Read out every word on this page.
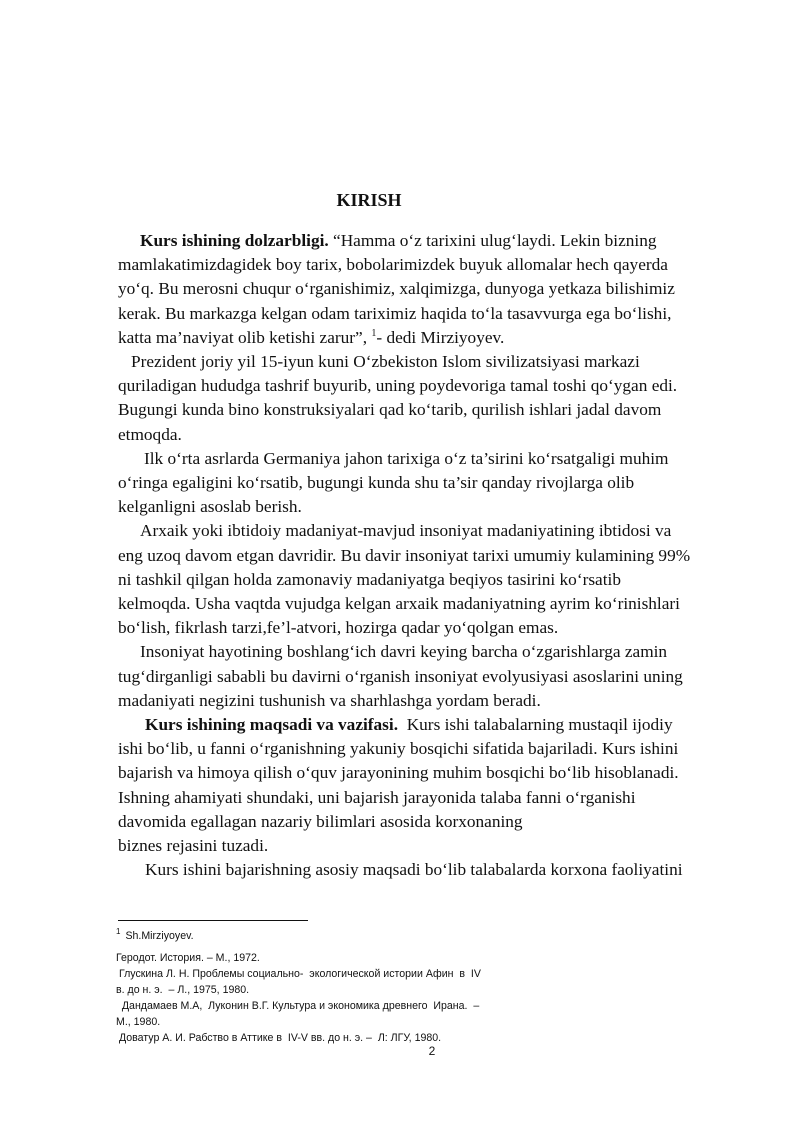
KIRISH
Kurs ishining dolzarbligi. “Hamma o‘z tarixini ulug‘laydi. Lekin bizning
mamlakatimizdagidek boy tarix, bobolarimizdek buyuk allomalar hech qayerda
yo‘q. Bu merosni chuqur o‘rganishimiz, xalqimizga, dunyoga yetkaza bilishimiz
kerak. Bu markazga kelgan odam tariximiz haqida to‘la tasavvurga ega bo‘lishi,
katta ma’naviyat olib ketishi zarur”, $^1$- dedi Mirziyoyev.
Prezident joriy yil 15-iyun kuni O‘zbekiston Islom sivilizatsiyasi markazi
quriladigan hududga tashrif buyurib, uning poydevoriga tamal toshi qo‘ygan edi.
Bugungi kunda bino konstruksiyalari qad ko‘tarib, qurilish ishlari jadal davom
etmoqda.
Ilk o‘rta asrlarda Germaniya jahon tarixiga o‘z ta’sirini ko‘rsatgaligi muhim
o‘ringa egaligini ko‘rsatib, bugungi kunda shu ta’sir qanday rivojlarga olib
kelganligni asoslab berish.
Arxaik yoki ibtidoiy madaniyat-mavjud insoniyat madaniyatining ibtidosi va
eng uzoq davom etgan davridir. Bu davir insoniyat tarixi umumiy kulamining 99%
ni tashkil qilgan holda zamonaviy madaniyatga beqiyos tasirini ko‘rsatib
kelmoqda. Usha vaqtda vujudga kelgan arxaik madaniyatning ayrim ko‘rinishlari
bo‘lish, fikrlash tarzi,fe’l-atvori, hozirga qadar yo‘qolgan emas.
Insoniyat hayotining boshlang‘ich davri keying barcha o‘zgarishlarga zamin
tug‘dirganligi sababli bu davirni o‘rganish insoniyat evolyusiyasi asoslarini uning
madaniyati negizini tushunish va sharhlashga yordam beradi.
Kurs ishining maqsadi va vazifasi.  Kurs ishi talabalarning mustaqil ijodiy
ishi bo‘lib, u fanni o‘rganishning yakuniy bosqichi sifatida bajariladi. Kurs ishini
bajarish va himoya qilish o‘quv jarayonining muhim bosqichi bo‘lib hisoblanadi.
Ishning ahamiyati shundaki, uni bajarish jarayonida talaba fanni o‘rganishi
davomida egallagan nazariy bilimlari asosida korxonaning
biznes rejasini tuzadi.
Kurs ishini bajarishning asosiy maqsadi bo‘lib talabalarda korxona faoliyatini
$^1$ Sh.Mirziyoyev.
Геродот. История. – М., 1972.
Глускина Л. Н. Проблемы социально-  экологической истории Афин  в  IV
в. до н. э.  – Л., 1975, 1980.
Дандамаев М.А,  Луконин В.Г. Культура и экономика древнего  Ирана.  –
М., 1980.
Доватур А. И. Рабство в Аттике в  IV-V вв. до н. э. –  Л: ЛГУ, 1980.
2
